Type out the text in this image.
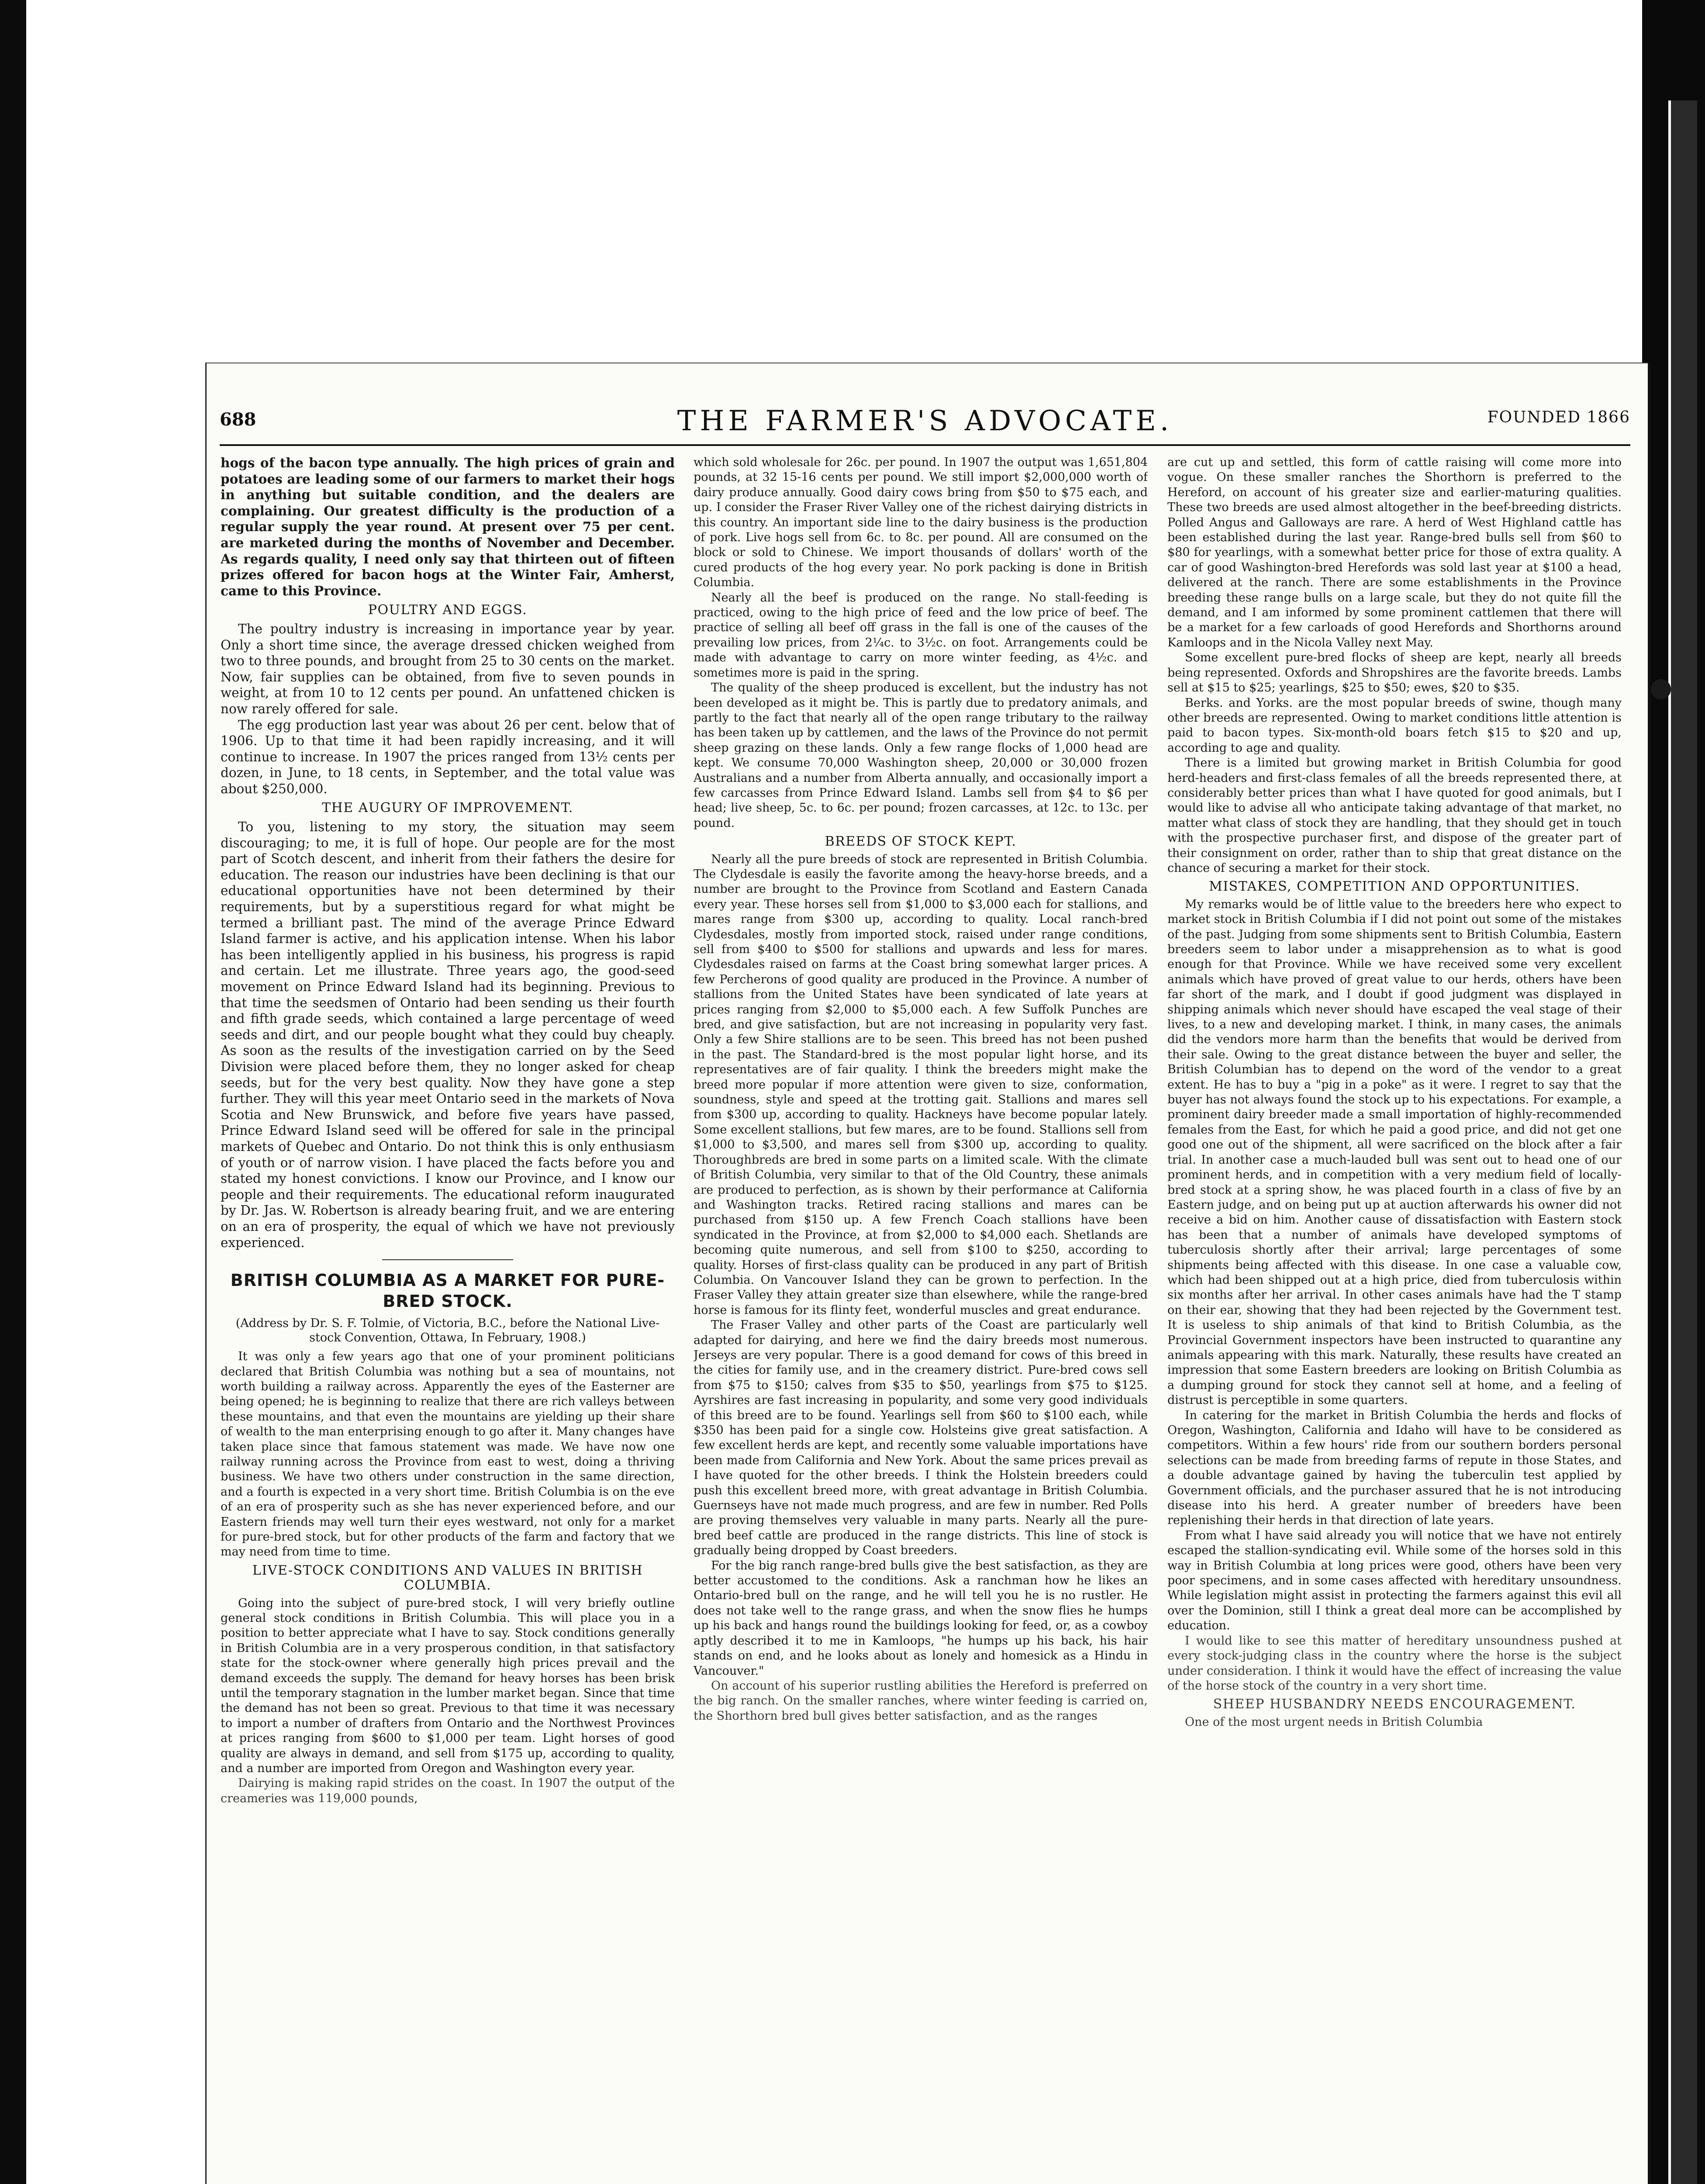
688	THE FARMER'S ADVOCATE.	FOUNDED 1866

hogs of the bacon type annually. The high prices of grain and potatoes are leading some of our farmers to market their hogs in anything but suitable condition, and the dealers are complaining. Our greatest difficulty is the production of a regular supply the year round. At present over 75 per cent. are marketed during the months of November and December. As regards quality, I need only say that thirteen out of fifteen prizes offered for bacon hogs at the Winter Fair, Amherst, came to this Province.

POULTRY AND EGGS.

The poultry industry is increasing in importance year by year. Only a short time since, the average dressed chicken weighed from two to three pounds, and brought from 25 to 30 cents on the market. Now, fair supplies can be obtained, from five to seven pounds in weight, at from 10 to 12 cents per pound. An unfattened chicken is now rarely offered for sale.

The egg production last year was about 26 per cent. below that of 1906. Up to that time it had been rapidly increasing, and it will continue to increase. In 1907 the prices ranged from 13½ cents per dozen, in June, to 18 cents, in September, and the total value was about $250,000.

THE AUGURY OF IMPROVEMENT.

To you, listening to my story, the situation may seem discouraging; to me, it is full of hope. Our people are for the most part of Scotch descent, and inherit from their fathers the desire for education. The reason our industries have been declining is that our educational opportunities have not been determined by their requirements, but by a superstitious regard for what might be termed a brilliant past. The mind of the average Prince Edward Island farmer is active, and his application intense. When his labor has been intelligently applied in his business, his progress is rapid and certain. Let me illustrate. Three years ago, the good-seed movement on Prince Edward Island had its beginning. Previous to that time the seedsmen of Ontario had been sending us their fourth and fifth grade seeds, which contained a large percentage of weed seeds and dirt, and our people bought what they could buy cheaply. As soon as the results of the investigation carried on by the Seed Division were placed before them, they no longer asked for cheap seeds, but for the very best quality. Now they have gone a step further. They will this year meet Ontario seed in the markets of Nova Scotia and New Brunswick, and before five years have passed, Prince Edward Island seed will be offered for sale in the principal markets of Quebec and Ontario. Do not think this is only enthusiasm of youth or of narrow vision. I have placed the facts before you and stated my honest convictions. I know our Province, and I know our people and their requirements. The educational reform inaugurated by Dr. Jas. W. Robertson is already bearing fruit, and we are entering on an era of prosperity, the equal of which we have not previously experienced.

BRITISH COLUMBIA AS A MARKET FOR PURE-BRED STOCK.
(Address by Dr. S. F. Tolmie, of Victoria, B.C., before the National Live-stock Convention, Ottawa, In February, 1908.)

It was only a few years ago that one of your prominent politicians declared that British Columbia was nothing but a sea of mountains, not worth building a railway across. Apparently the eyes of the Easterner are being opened; he is beginning to realize that there are rich valleys between these mountains, and that even the mountains are yielding up their share of wealth to the man enterprising enough to go after it. Many changes have taken place since that famous statement was made. We have now one railway running across the Province from east to west, doing a thriving business. We have two others under construction in the same direction, and a fourth is expected in a very short time. British Columbia is on the eve of an era of prosperity such as she has never experienced before, and our Eastern friends may well turn their eyes westward, not only for a market for pure-bred stock, but for other products of the farm and factory that we may need from time to time.

LIVE-STOCK CONDITIONS AND VALUES IN BRITISH COLUMBIA.

Going into the subject of pure-bred stock, I will very briefly outline general stock conditions in British Columbia. This will place you in a position to better appreciate what I have to say. Stock conditions generally in British Columbia are in a very prosperous condition, in that satisfactory state for the stock-owner where generally high prices prevail and the demand exceeds the supply. The demand for heavy horses has been brisk until the temporary stagnation in the lumber market began. Since that time the demand has not been so great. Previous to that time it was necessary to import a number of drafters from Ontario and the Northwest Provinces at prices ranging from $600 to $1,000 per team. Light horses of good quality are always in demand, and sell from $175 up, according to quality, and a number are imported from Oregon and Washington every year.

Dairying is making rapid strides on the coast. In 1907 the output of the creameries was 119,000 pounds,

which sold wholesale for 26c. per pound. In 1907 the output was 1,651,804 pounds, at 32 15-16 cents per pound. We still import $2,000,000 worth of dairy produce annually. Good dairy cows bring from $50 to $75 each, and up. I consider the Fraser River Valley one of the richest dairying districts in this country. An important side line to the dairy business is the production of pork. Live hogs sell from 6c. to 8c. per pound. All are consumed on the block or sold to Chinese. We import thousands of dollars' worth of the cured products of the hog every year. No pork packing is done in British Columbia.

Nearly all the beef is produced on the range. No stall-feeding is practiced, owing to the high price of feed and the low price of beef. The practice of selling all beef off grass in the fall is one of the causes of the prevailing low prices, from 2¼c. to 3½c. on foot. Arrangements could be made with advantage to carry on more winter feeding, as 4½c. and sometimes more is paid in the spring.

The quality of the sheep produced is excellent, but the industry has not been developed as it might be. This is partly due to predatory animals, and partly to the fact that nearly all of the open range tributary to the railway has been taken up by cattlemen, and the laws of the Province do not permit sheep grazing on these lands. Only a few range flocks of 1,000 head are kept. We consume 70,000 Washington sheep, 20,000 or 30,000 frozen Australians and a number from Alberta annually, and occasionally import a few carcasses from Prince Edward Island. Lambs sell from $4 to $6 per head; live sheep, 5c. to 6c. per pound; frozen carcasses, at 12c. to 13c. per pound.

BREEDS OF STOCK KEPT.

Nearly all the pure breeds of stock are represented in British Columbia. The Clydesdale is easily the favorite among the heavy-horse breeds, and a number are brought to the Province from Scotland and Eastern Canada every year. These horses sell from $1,000 to $3,000 each for stallions, and mares range from $300 up, according to quality. Local ranch-bred Clydesdales, mostly from imported stock, raised under range conditions, sell from $400 to $500 for stallions and upwards and less for mares. Clydesdales raised on farms at the Coast bring somewhat larger prices. A few Percherons of good quality are produced in the Province. A number of stallions from the United States have been syndicated of late years at prices ranging from $2,000 to $5,000 each. A few Suffolk Punches are bred, and give satisfaction, but are not increasing in popularity very fast. Only a few Shire stallions are to be seen. This breed has not been pushed in the past. The Standard-bred is the most popular light horse, and its representatives are of fair quality. I think the breeders might make the breed more popular if more attention were given to size, conformation, soundness, style and speed at the trotting gait. Stallions and mares sell from $300 up, according to quality. Hackneys have become popular lately. Some excellent stallions, but few mares, are to be found. Stallions sell from $1,000 to $3,500, and mares sell from $300 up, according to quality. Thoroughbreds are bred in some parts on a limited scale. With the climate of British Columbia, very similar to that of the Old Country, these animals are produced to perfection, as is shown by their performance at California and Washington tracks. Retired racing stallions and mares can be purchased from $150 up. A few French Coach stallions have been syndicated in the Province, at from $2,000 to $4,000 each. Shetlands are becoming quite numerous, and sell from $100 to $250, according to quality. Horses of first-class quality can be produced in any part of British Columbia. On Vancouver Island they can be grown to perfection. In the Fraser Valley they attain greater size than elsewhere, while the range-bred horse is famous for its flinty feet, wonderful muscles and great endurance.

The Fraser Valley and other parts of the Coast are particularly well adapted for dairying, and here we find the dairy breeds most numerous. Jerseys are very popular. There is a good demand for cows of this breed in the cities for family use, and in the creamery district. Pure-bred cows sell from $75 to $150; calves from $35 to $50, yearlings from $75 to $125. Ayrshires are fast increasing in popularity, and some very good individuals of this breed are to be found. Yearlings sell from $60 to $100 each, while $350 has been paid for a single cow. Holsteins give great satisfaction. A few excellent herds are kept, and recently some valuable importations have been made from California and New York. About the same prices prevail as I have quoted for the other breeds. I think the Holstein breeders could push this excellent breed more, with great advantage in British Columbia. Guernseys have not made much progress, and are few in number. Red Polls are proving themselves very valuable in many parts. Nearly all the pure-bred beef cattle are produced in the range districts. This line of stock is gradually being dropped by Coast breeders.

For the big ranch range-bred bulls give the best satisfaction, as they are better accustomed to the conditions. Ask a ranchman how he likes an Ontario-bred bull on the range, and he will tell you he is no rustler. He does not take well to the range grass, and when the snow flies he humps up his back and hangs round the buildings looking for feed, or, as a cowboy aptly described it to me in Kamloops, "he humps up his back, his hair stands on end, and he looks about as lonely and homesick as a Hindu in Vancouver."

On account of his superior rustling abilities the Hereford is preferred on the big ranch. On the smaller ranches, where winter feeding is carried on, the Shorthorn bred bull gives better satisfaction, and as the ranges

are cut up and settled, this form of cattle raising will come more into vogue. On these smaller ranches the Shorthorn is preferred to the Hereford, on account of his greater size and earlier-maturing qualities. These two breeds are used almost altogether in the beef-breeding districts. Polled Angus and Galloways are rare. A herd of West Highland cattle has been established during the last year. Range-bred bulls sell from $60 to $80 for yearlings, with a somewhat better price for those of extra quality. A car of good Washington-bred Herefords was sold last year at $100 a head, delivered at the ranch. There are some establishments in the Province breeding these range bulls on a large scale, but they do not quite fill the demand, and I am informed by some prominent cattlemen that there will be a market for a few carloads of good Herefords and Shorthorns around Kamloops and in the Nicola Valley next May.

Some excellent pure-bred flocks of sheep are kept, nearly all breeds being represented. Oxfords and Shropshires are the favorite breeds. Lambs sell at $15 to $25; yearlings, $25 to $50; ewes, $20 to $35.

Berks. and Yorks. are the most popular breeds of swine, though many other breeds are represented. Owing to market conditions little attention is paid to bacon types. Six-month-old boars fetch $15 to $20 and up, according to age and quality.

There is a limited but growing market in British Columbia for good herd-headers and first-class females of all the breeds represented there, at considerably better prices than what I have quoted for good animals, but I would like to advise all who anticipate taking advantage of that market, no matter what class of stock they are handling, that they should get in touch with the prospective purchaser first, and dispose of the greater part of their consignment on order, rather than to ship that great distance on the chance of securing a market for their stock.

MISTAKES, COMPETITION AND OPPORTUNITIES.

My remarks would be of little value to the breeders here who expect to market stock in British Columbia if I did not point out some of the mistakes of the past. Judging from some shipments sent to British Columbia, Eastern breeders seem to labor under a misapprehension as to what is good enough for that Province. While we have received some very excellent animals which have proved of great value to our herds, others have been far short of the mark, and I doubt if good judgment was displayed in shipping animals which never should have escaped the veal stage of their lives, to a new and developing market. I think, in many cases, the animals did the vendors more harm than the benefits that would be derived from their sale. Owing to the great distance between the buyer and seller, the British Columbian has to depend on the word of the vendor to a great extent. He has to buy a "pig in a poke" as it were. I regret to say that the buyer has not always found the stock up to his expectations. For example, a prominent dairy breeder made a small importation of highly-recommended females from the East, for which he paid a good price, and did not get one good one out of the shipment, all were sacrificed on the block after a fair trial. In another case a much-lauded bull was sent out to head one of our prominent herds, and in competition with a very medium field of locally-bred stock at a spring show, he was placed fourth in a class of five by an Eastern judge, and on being put up at auction afterwards his owner did not receive a bid on him. Another cause of dissatisfaction with Eastern stock has been that a number of animals have developed symptoms of tuberculosis shortly after their arrival; large percentages of some shipments being affected with this disease. In one case a valuable cow, which had been shipped out at a high price, died from tuberculosis within six months after her arrival. In other cases animals have had the T stamp on their ear, showing that they had been rejected by the Government test. It is useless to ship animals of that kind to British Columbia, as the Provincial Government inspectors have been instructed to quarantine any animals appearing with this mark. Naturally, these results have created an impression that some Eastern breeders are looking on British Columbia as a dumping ground for stock they cannot sell at home, and a feeling of distrust is perceptible in some quarters.

In catering for the market in British Columbia the herds and flocks of Oregon, Washington, California and Idaho will have to be considered as competitors. Within a few hours' ride from our southern borders personal selections can be made from breeding farms of repute in those States, and a double advantage gained by having the tuberculin test applied by Government officials, and the purchaser assured that he is not introducing disease into his herd. A greater number of breeders have been replenishing their herds in that direction of late years.

From what I have said already you will notice that we have not entirely escaped the stallion-syndicating evil. While some of the horses sold in this way in British Columbia at long prices were good, others have been very poor specimens, and in some cases affected with hereditary unsoundness. While legislation might assist in protecting the farmers against this evil all over the Dominion, still I think a great deal more can be accomplished by education.

I would like to see this matter of hereditary unsoundness pushed at every stock-judging class in the country where the horse is the subject under consideration. I think it would have the effect of increasing the value of the horse stock of the country in a very short time.

SHEEP HUSBANDRY NEEDS ENCOURAGEMENT.

One of the most urgent needs in British Columbia
